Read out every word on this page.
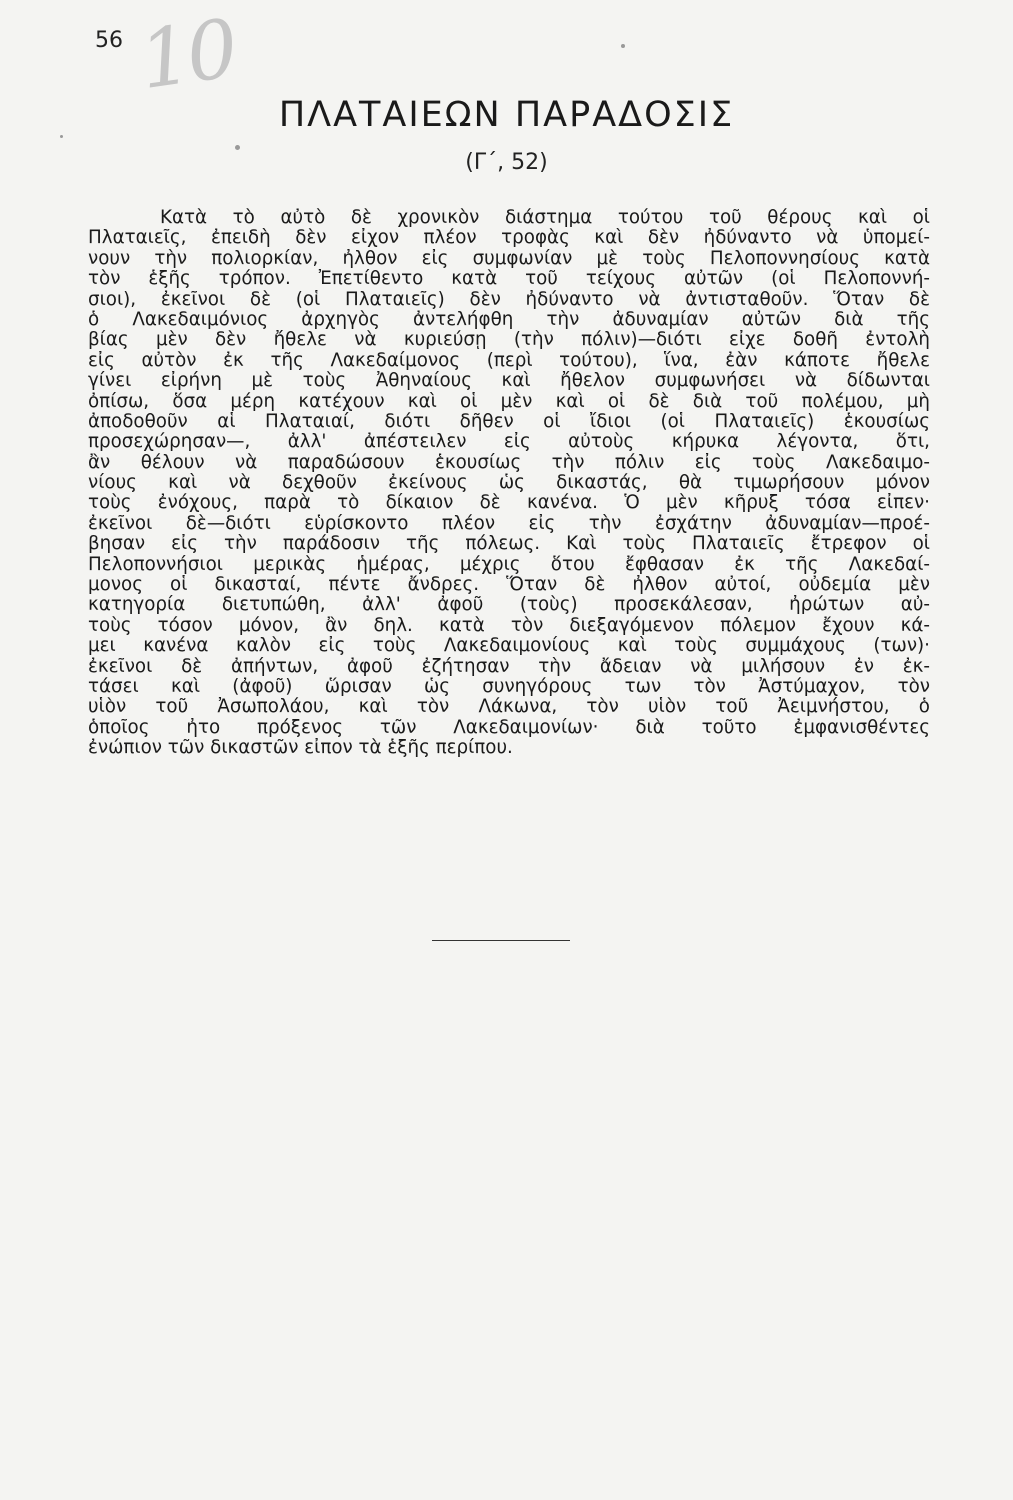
56 10
ΠΛΑΤΑΙΕΩΝ ΠΑΡΑΔΟΣΙΣ
(Γ΄, 52)
Κατὰ τὸ αὐτὸ δὲ χρονικὸν διάστημα τούτου τοῦ θέρους καὶ οἱ
Πλαταιεῖς, ἐπειδὴ δὲν εἶχον πλέον τροφὰς καὶ δὲν ἠδύναντο νὰ ὑπομεί-
νουν τὴν πολιορκίαν, ἦλθον εἰς συμφωνίαν μὲ τοὺς Πελοποννησίους κατὰ
τὸν ἑξῆς τρόπον. Ἐπετίθεντο κατὰ τοῦ τείχους αὐτῶν (οἱ Πελοποννή-
σιοι), ἐκεῖνοι δὲ (οἱ Πλαταιεῖς) δὲν ἠδύναντο νὰ ἀντισταθοῦν. Ὅταν δὲ
ὁ Λακεδαιμόνιος ἀρχηγὸς ἀντελήφθη τὴν ἀδυναμίαν αὐτῶν διὰ τῆς
βίας μὲν δὲν ἤθελε νὰ κυριεύσῃ (τὴν πόλιν)—διότι εἶχε δοθῆ ἐντολὴ
εἰς αὐτὸν ἐκ τῆς Λακεδαίμονος (περὶ τούτου), ἵνα, ἐὰν κάποτε ἤθελε
γίνει εἰρήνη μὲ τοὺς Ἀθηναίους καὶ ἤθελον συμφωνήσει νὰ δίδωνται
ὀπίσω, ὅσα μέρη κατέχουν καὶ οἱ μὲν καὶ οἱ δὲ διὰ τοῦ πολέμου, μὴ
ἀποδοθοῦν αἱ Πλαταιαί, διότι δῆθεν οἱ ἴδιοι (οἱ Πλαταιεῖς) ἑκουσίως
προσεχώρησαν—, ἀλλ' ἀπέστειλεν εἰς αὐτοὺς κήρυκα λέγοντα, ὅτι,
ἂν θέλουν νὰ παραδώσουν ἑκουσίως τὴν πόλιν εἰς τοὺς Λακεδαιμο-
νίους καὶ νὰ δεχθοῦν ἐκείνους ὡς δικαστάς, θὰ τιμωρήσουν μόνον
τοὺς ἐνόχους, παρὰ τὸ δίκαιον δὲ κανένα. Ὁ μὲν κῆρυξ τόσα εἶπεν·
ἐκεῖνοι δὲ—διότι εὑρίσκοντο πλέον εἰς τὴν ἐσχάτην ἀδυναμίαν—προέ-
βησαν εἰς τὴν παράδοσιν τῆς πόλεως. Καὶ τοὺς Πλαταιεῖς ἔτρεφον οἱ
Πελοποννήσιοι μερικὰς ἡμέρας, μέχρις ὅτου ἔφθασαν ἐκ τῆς Λακεδαί-
μονος οἱ δικασταί, πέντε ἄνδρες. Ὅταν δὲ ἦλθον αὐτοί, οὐδεμία μὲν
κατηγορία διετυπώθη, ἀλλ' ἀφοῦ (τοὺς) προσεκάλεσαν, ἠρώτων αὐ-
τοὺς τόσον μόνον, ἂν δηλ. κατὰ τὸν διεξαγόμενον πόλεμον ἔχουν κά-
μει κανένα καλὸν εἰς τοὺς Λακεδαιμονίους καὶ τοὺς συμμάχους (των)·
ἐκεῖνοι δὲ ἀπήντων, ἀφοῦ ἐζήτησαν τὴν ἄδειαν νὰ μιλήσουν ἐν ἐκ-
τάσει καὶ (ἀφοῦ) ὥρισαν ὡς συνηγόρους των τὸν Ἀστύμαχον, τὸν
υἱὸν τοῦ Ἀσωπολάου, καὶ τὸν Λάκωνα, τὸν υἱὸν τοῦ Ἀειμνήστου, ὁ
ὁποῖος ἦτο πρόξενος τῶν Λακεδαιμονίων· διὰ τοῦτο ἐμφανισθέντες
ἐνώπιον τῶν δικαστῶν εἶπον τὰ ἑξῆς περίπου.
